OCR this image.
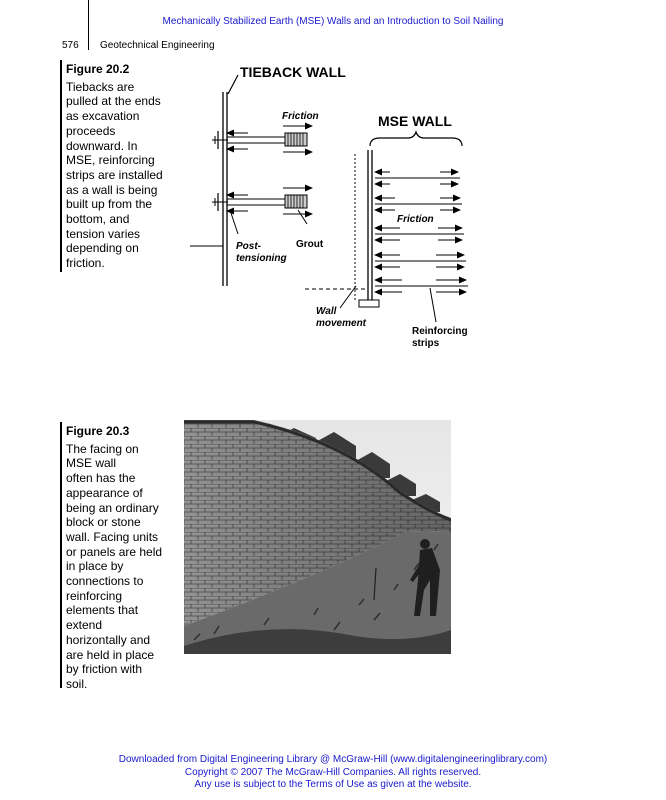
Mechanically Stabilized Earth (MSE) Walls and an Introduction to Soil Nailing
576 Geotechnical Engineering
Figure 20.2
Tiebacks are
pulled at the ends
as excavation
proceeds
downward. In
MSE, reinforcing
strips are installed
as a wall is being
built up from the
bottom, and
tension varies
depending on
friction.
TIEBACK WALL
Friction
Grout
Post-
tensioning
MSE WALL
Friction
Wall
movement
Reinforcing
strips
Figure 20.3
The facing on
MSE wall
often has the
appearance of
being an ordinary
block or stone
wall. Facing units
or panels are held
in place by
connections to
reinforcing
elements that
extend
horizontally and
are held in place
by friction with
soil.
Downloaded from Digital Engineering Library @ McGraw-Hill (www.digitalengineeringlibrary.com)
Copyright © 2007 The McGraw-Hill Companies. All rights reserved.
Any use is subject to the Terms of Use as given at the website.
